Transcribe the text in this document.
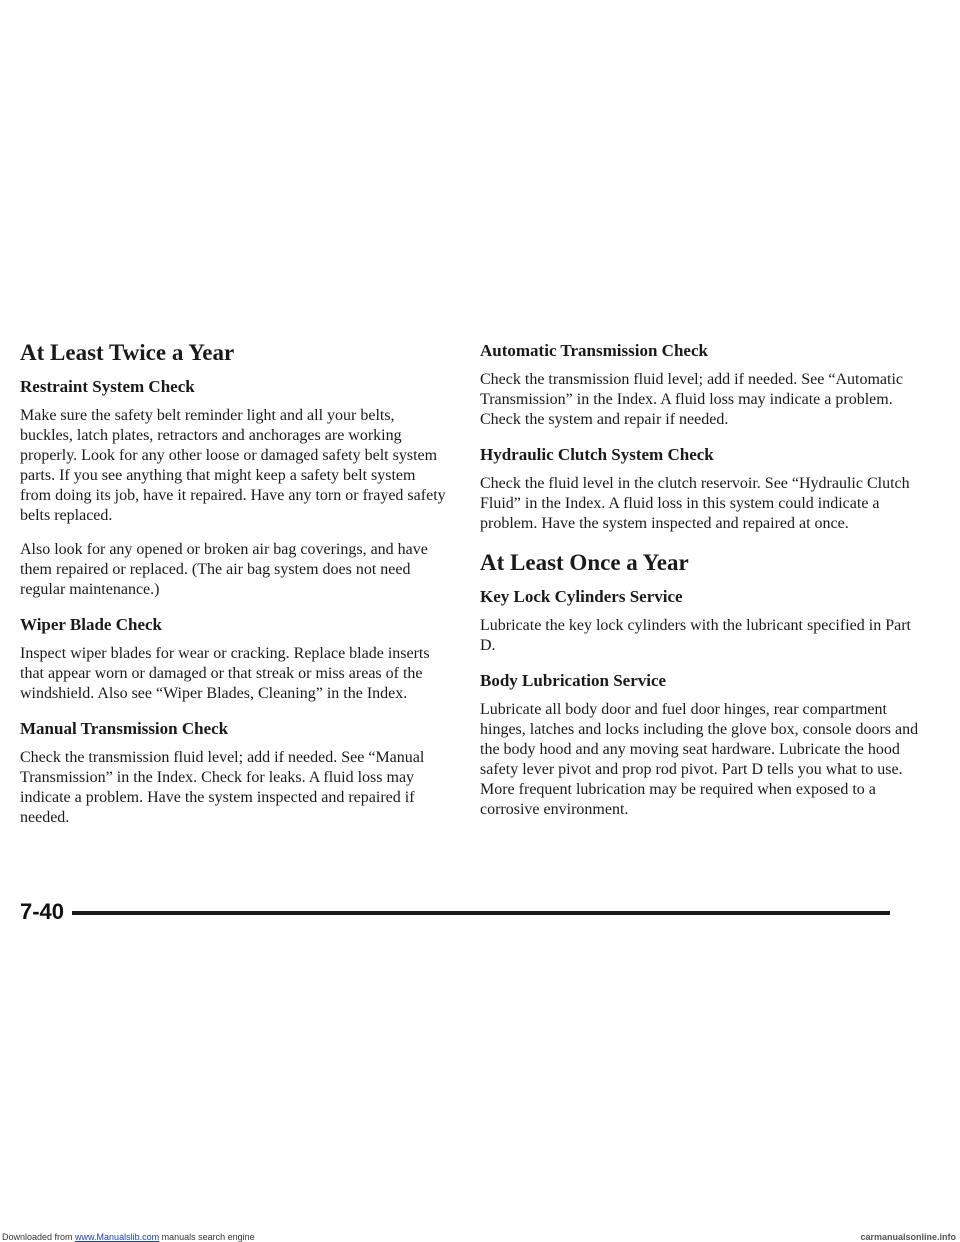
At Least Twice a Year
Restraint System Check
Make sure the safety belt reminder light and all your belts, buckles, latch plates, retractors and anchorages are working properly. Look for any other loose or damaged safety belt system parts. If you see anything that might keep a safety belt system from doing its job, have it repaired. Have any torn or frayed safety belts replaced.
Also look for any opened or broken air bag coverings, and have them repaired or replaced. (The air bag system does not need regular maintenance.)
Wiper Blade Check
Inspect wiper blades for wear or cracking. Replace blade inserts that appear worn or damaged or that streak or miss areas of the windshield. Also see “Wiper Blades, Cleaning” in the Index.
Manual Transmission Check
Check the transmission fluid level; add if needed. See “Manual Transmission” in the Index. Check for leaks. A fluid loss may indicate a problem. Have the system inspected and repaired if needed.
Automatic Transmission Check
Check the transmission fluid level; add if needed. See “Automatic Transmission” in the Index. A fluid loss may indicate a problem. Check the system and repair if needed.
Hydraulic Clutch System Check
Check the fluid level in the clutch reservoir. See “Hydraulic Clutch Fluid” in the Index. A fluid loss in this system could indicate a problem. Have the system inspected and repaired at once.
At Least Once a Year
Key Lock Cylinders Service
Lubricate the key lock cylinders with the lubricant specified in Part D.
Body Lubrication Service
Lubricate all body door and fuel door hinges, rear compartment hinges, latches and locks including the glove box, console doors and the body hood and any moving seat hardware. Lubricate the hood safety lever pivot and prop rod pivot. Part D tells you what to use. More frequent lubrication may be required when exposed to a corrosive environment.
7-40
Downloaded from www.Manualslib.com manuals search engine	carmanualsonline.info
